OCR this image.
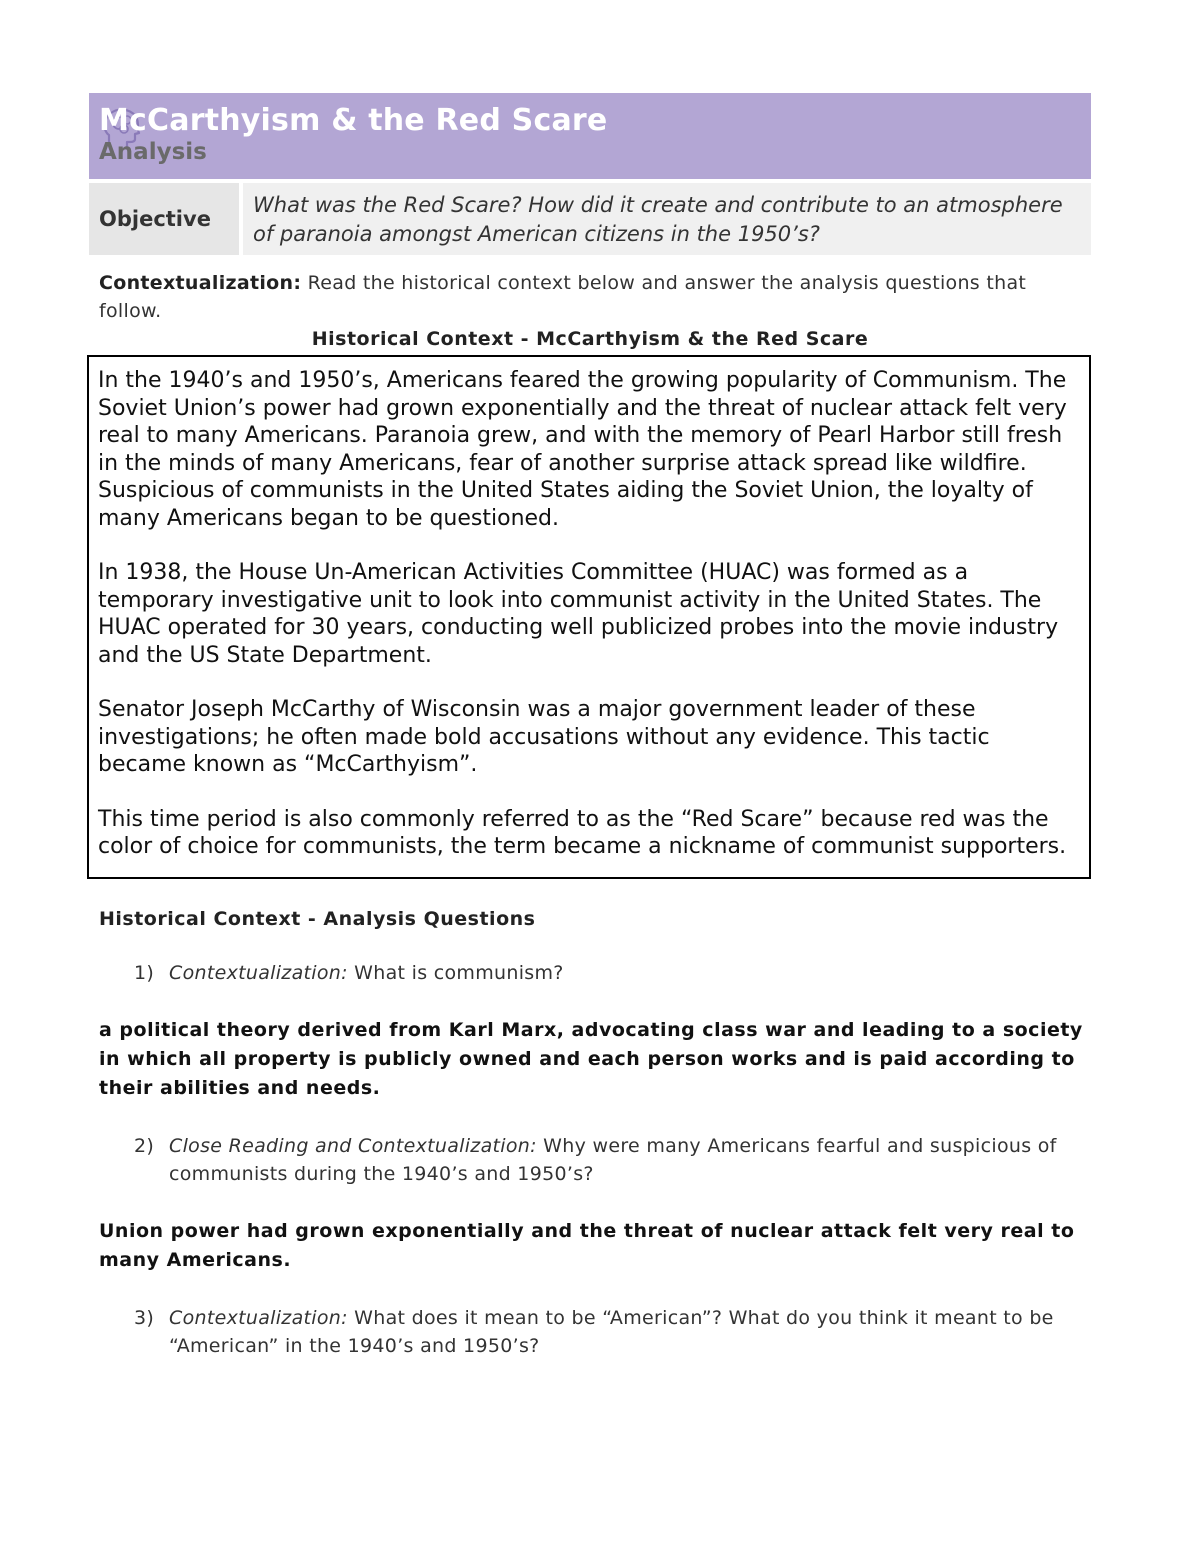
McCarthyism & the Red Scare
Analysis
Objective
What was the Red Scare? How did it create and contribute to an atmosphere of paranoia amongst American citizens in the 1950’s?
Contextualization: Read the historical context below and answer the analysis questions that follow.
Historical Context - McCarthyism & the Red Scare

In the 1940’s and 1950’s, Americans feared the growing popularity of Communism. The Soviet Union’s power had grown exponentially and the threat of nuclear attack felt very real to many Americans. Paranoia grew, and with the memory of Pearl Harbor still fresh in the minds of many Americans, fear of another surprise attack spread like wildfire. Suspicious of communists in the United States aiding the Soviet Union, the loyalty of many Americans began to be questioned.

In 1938, the House Un-American Activities Committee (HUAC) was formed as a temporary investigative unit to look into communist activity in the United States. The HUAC operated for 30 years, conducting well publicized probes into the movie industry and the US State Department.

Senator Joseph McCarthy of Wisconsin was a major government leader of these investigations; he often made bold accusations without any evidence. This tactic became known as “McCarthyism”.

This time period is also commonly referred to as the “Red Scare” because red was the color of choice for communists, the term became a nickname of communist supporters.

Historical Context - Analysis Questions
1) Contextualization: What is communism?
a political theory derived from Karl Marx, advocating class war and leading to a society in which all property is publicly owned and each person works and is paid according to their abilities and needs.
2) Close Reading and Contextualization: Why were many Americans fearful and suspicious of communists during the 1940’s and 1950’s?
Union power had grown exponentially and the threat of nuclear attack felt very real to many Americans.
3) Contextualization: What does it mean to be “American”? What do you think it meant to be “American” in the 1940’s and 1950’s?
